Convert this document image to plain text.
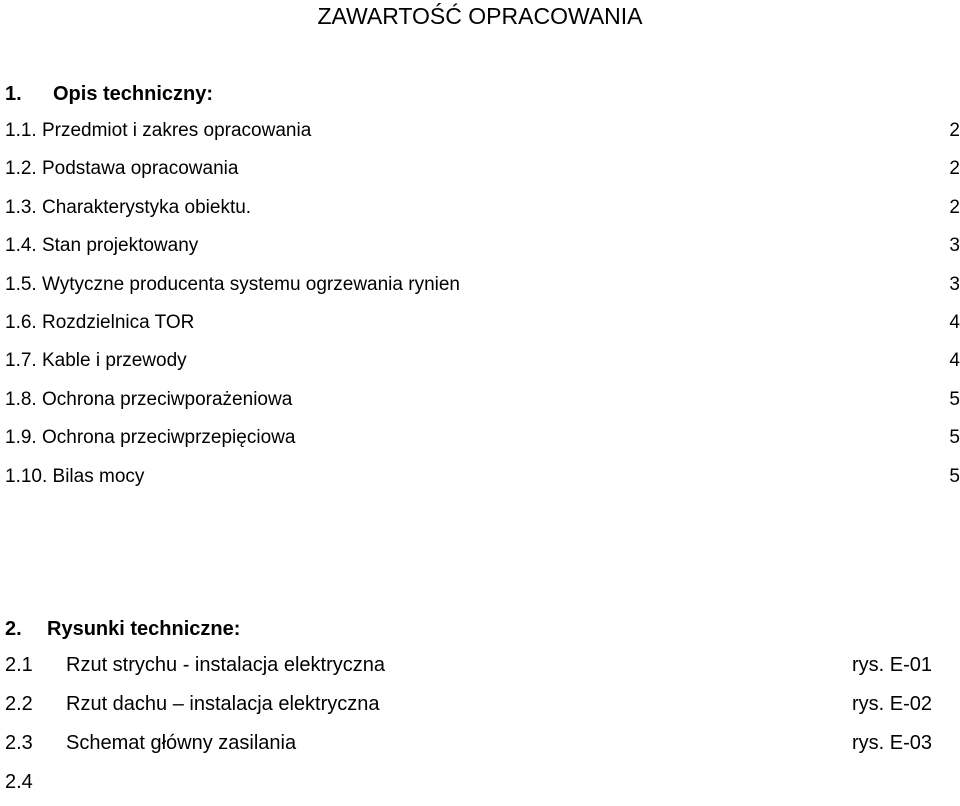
ZAWARTOŚĆ OPRACOWANIA
1. Opis techniczny:
1.1. Przedmiot i zakres opracowania	2
1.2. Podstawa opracowania	2
1.3. Charakterystyka obiektu.	2
1.4. Stan projektowany	3
1.5. Wytyczne producenta systemu ogrzewania rynien	3
1.6. Rozdzielnica TOR	4
1.7. Kable i przewody	4
1.8. Ochrona przeciwporażeniowa	5
1.9. Ochrona przeciwprzepięciowa	5
1.10. Bilas mocy	5
2. Rysunki techniczne:
2.1 Rzut strychu - instalacja elektryczna	rys. E-01
2.2 Rzut dachu – instalacja elektryczna	rys. E-02
2.3 Schemat główny zasilania	rys. E-03
2.4
